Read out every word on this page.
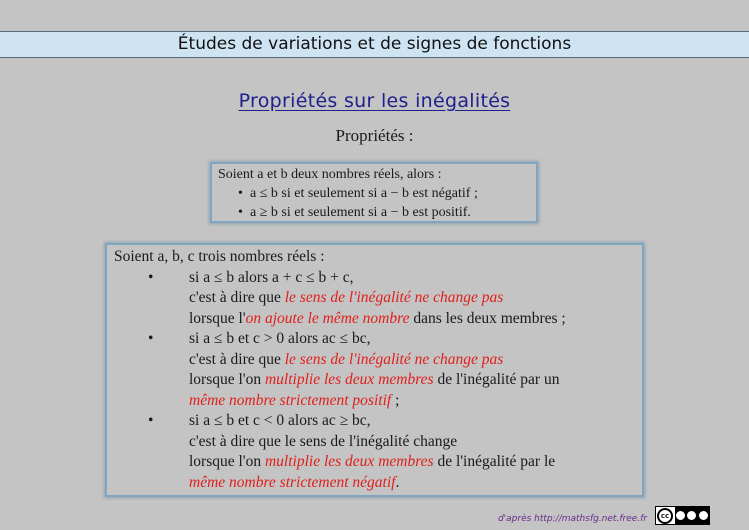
Études de variations et de signes de fonctions
Propriétés sur les inégalités
Propriétés :
Soient a et b deux nombres réels, alors :
• a ≤ b si et seulement si a − b est négatif ;
• a ≥ b si et seulement si a − b est positif.
Soient a, b, c trois nombres réels :
• si a ≤ b alors a + c ≤ b + c,
c'est à dire que le sens de l'inégalité ne change pas
lorsque l'on ajoute le même nombre dans les deux membres ;
• si a ≤ b et c > 0 alors ac ≤ bc,
c'est à dire que le sens de l'inégalité ne change pas
lorsque l'on multiplie les deux membres de l'inégalité par un
même nombre strictement positif ;
• si a ≤ b et c < 0 alors ac ≥ bc,
c'est à dire que le sens de l'inégalité change
lorsque l'on multiplie les deux membres de l'inégalité par le
même nombre strictement négatif.
d'après http://mathsfg.net.free.fr	cc
